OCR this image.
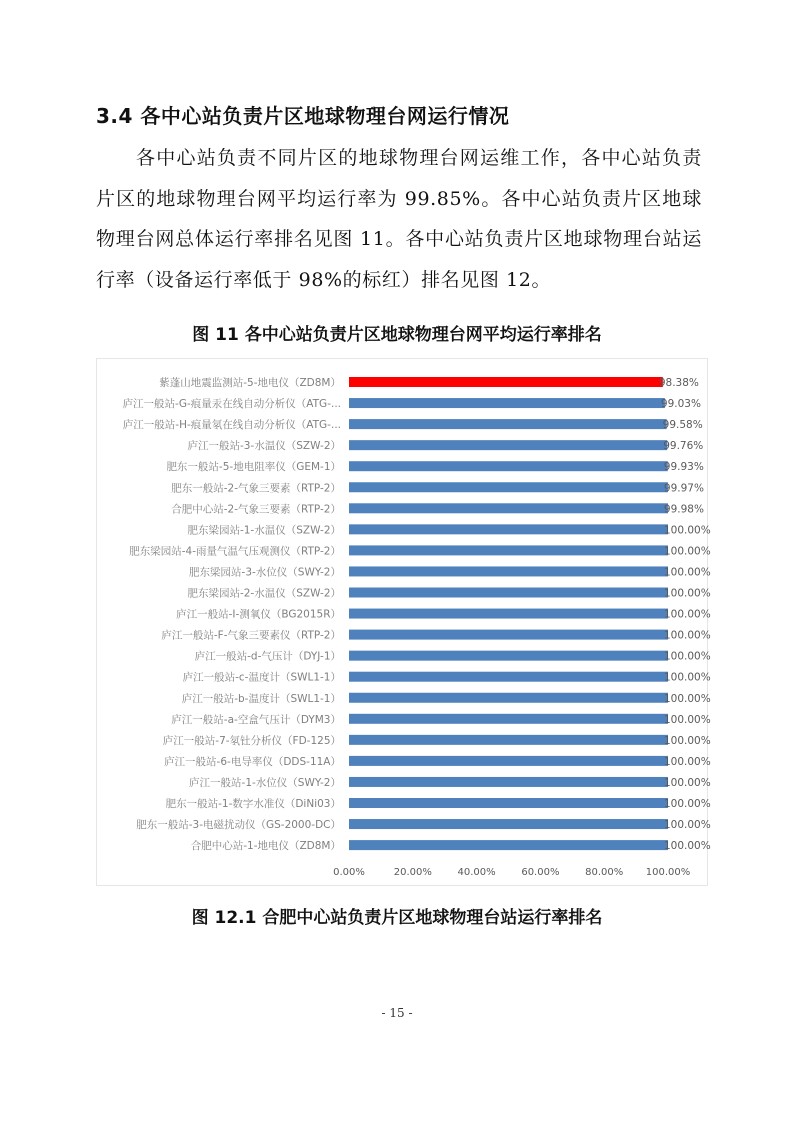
3.4 各中心站负责片区地球物理台网运行情况
各中心站负责不同片区的地球物理台网运维工作，各中心站负责片区的地球物理台网平均运行率为 99.85%。各中心站负责片区地球物理台网总体运行率排名见图 11。各中心站负责片区地球物理台站运行率（设备运行率低于 98%的标红）排名见图 12。
图 11 各中心站负责片区地球物理台网平均运行率排名
紫蓬山地震监测站-5-地电仪（ZD8M）	98.38%
庐江一般站-G-痕量汞在线自动分析仪（ATG-...	99.03%
庐江一般站-H-痕量氡在线自动分析仪（ATG-...	99.58%
庐江一般站-3-水温仪（SZW-2）	99.76%
肥东一般站-5-地电阻率仪（GEM-1）	99.93%
肥东一般站-2-气象三要素（RTP-2）	99.97%
合肥中心站-2-气象三要素（RTP-2）	99.98%
肥东梁园站-1-水温仪（SZW-2）	100.00%
肥东梁园站-4-雨量气温气压观测仪（RTP-2）	100.00%
肥东梁园站-3-水位仪（SWY-2）	100.00%
肥东梁园站-2-水温仪（SZW-2）	100.00%
庐江一般站-I-测氧仪（BG2015R）	100.00%
庐江一般站-F-气象三要素仪（RTP-2）	100.00%
庐江一般站-d-气压计（DYJ-1）	100.00%
庐江一般站-c-温度计（SWL1-1）	100.00%
庐江一般站-b-温度计（SWL1-1）	100.00%
庐江一般站-a-空盒气压计（DYM3）	100.00%
庐江一般站-7-氡钍分析仪（FD-125）	100.00%
庐江一般站-6-电导率仪（DDS-11A）	100.00%
庐江一般站-1-水位仪（SWY-2）	100.00%
肥东一般站-1-数字水准仪（DiNi03）	100.00%
肥东一般站-3-电磁扰动仪（GS-2000-DC）	100.00%
合肥中心站-1-地电仪（ZD8M）	100.00%
0.00%	20.00%	40.00%	60.00%	80.00% 100.00%
图 12.1 合肥中心站负责片区地球物理台站运行率排名
- 15 -
